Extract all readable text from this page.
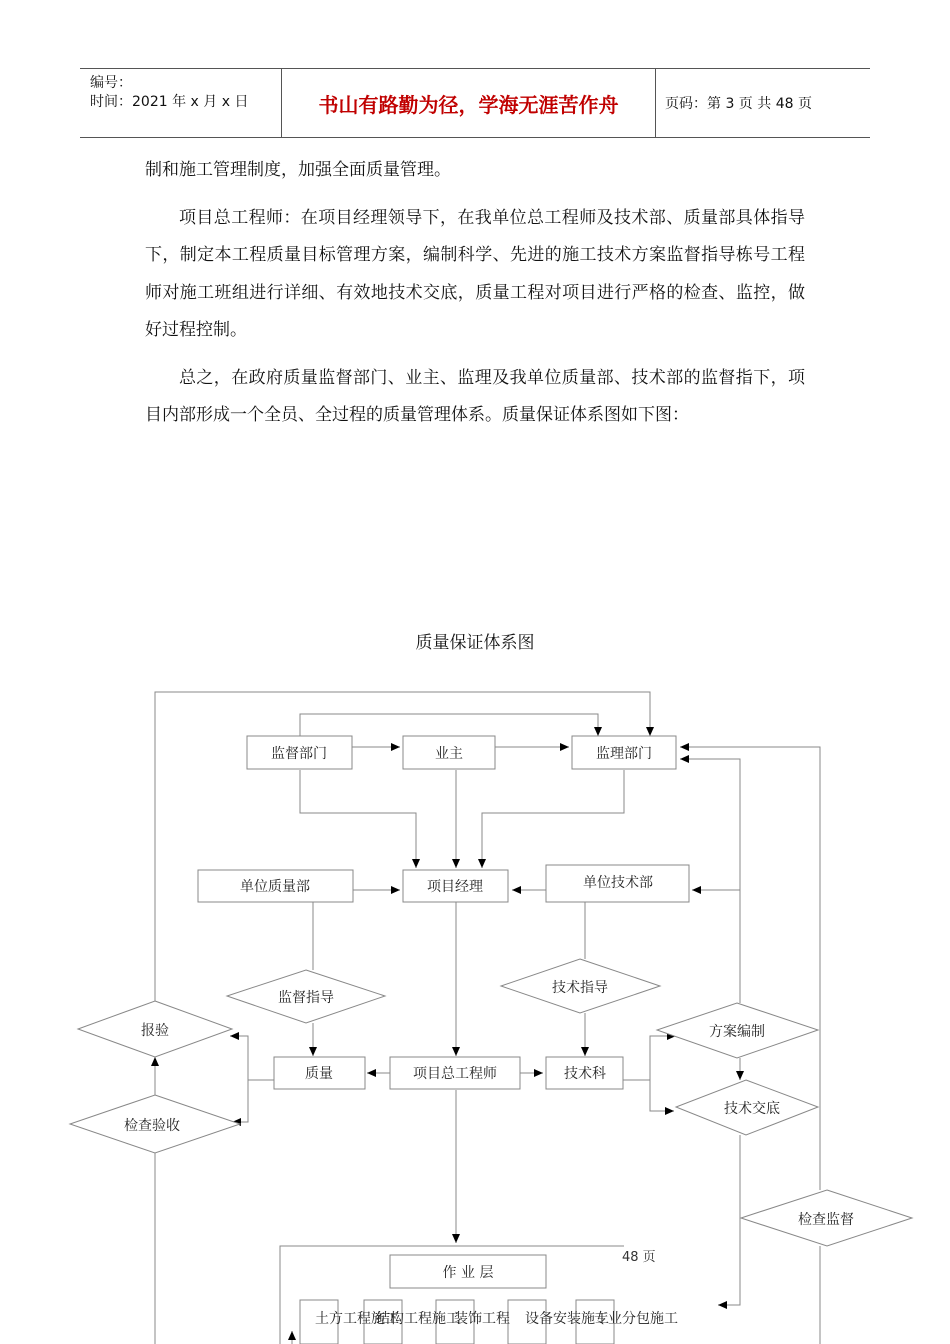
编号：
时间：2021 年 x 月 x 日	书山有路勤为径，学海无涯苦作舟	页码：第 3 页 共 48 页

制和施工管理制度，加强全面质量管理。

项目总工程师：在项目经理领导下，在我单位总工程师及技术部、质量部具体指导下，制定本工程质量目标管理方案，编制科学、先进的施工技术方案监督指导栋号工程师对施工班组进行详细、有效地技术交底，质量工程对项目进行严格的检查、监控，做好过程控制。

总之，在政府质量监督部门、业主、监理及我单位质量部、技术部的监督指下，项目内部形成一个全员、全过程的质量管理体系。质量保证体系图如下图：

质量保证体系图
监督部门	业主	监理部门
单位质量部	项目经理	单位技术部
监督指导
技术指导
报验	方案编制
质量	项目总工程师	技术科
检查验收
技术交底
检查监督
作 业 层
土方工程施工
结构工程施工
装饰工程 设备安装施工
专业分包施工
48 页
